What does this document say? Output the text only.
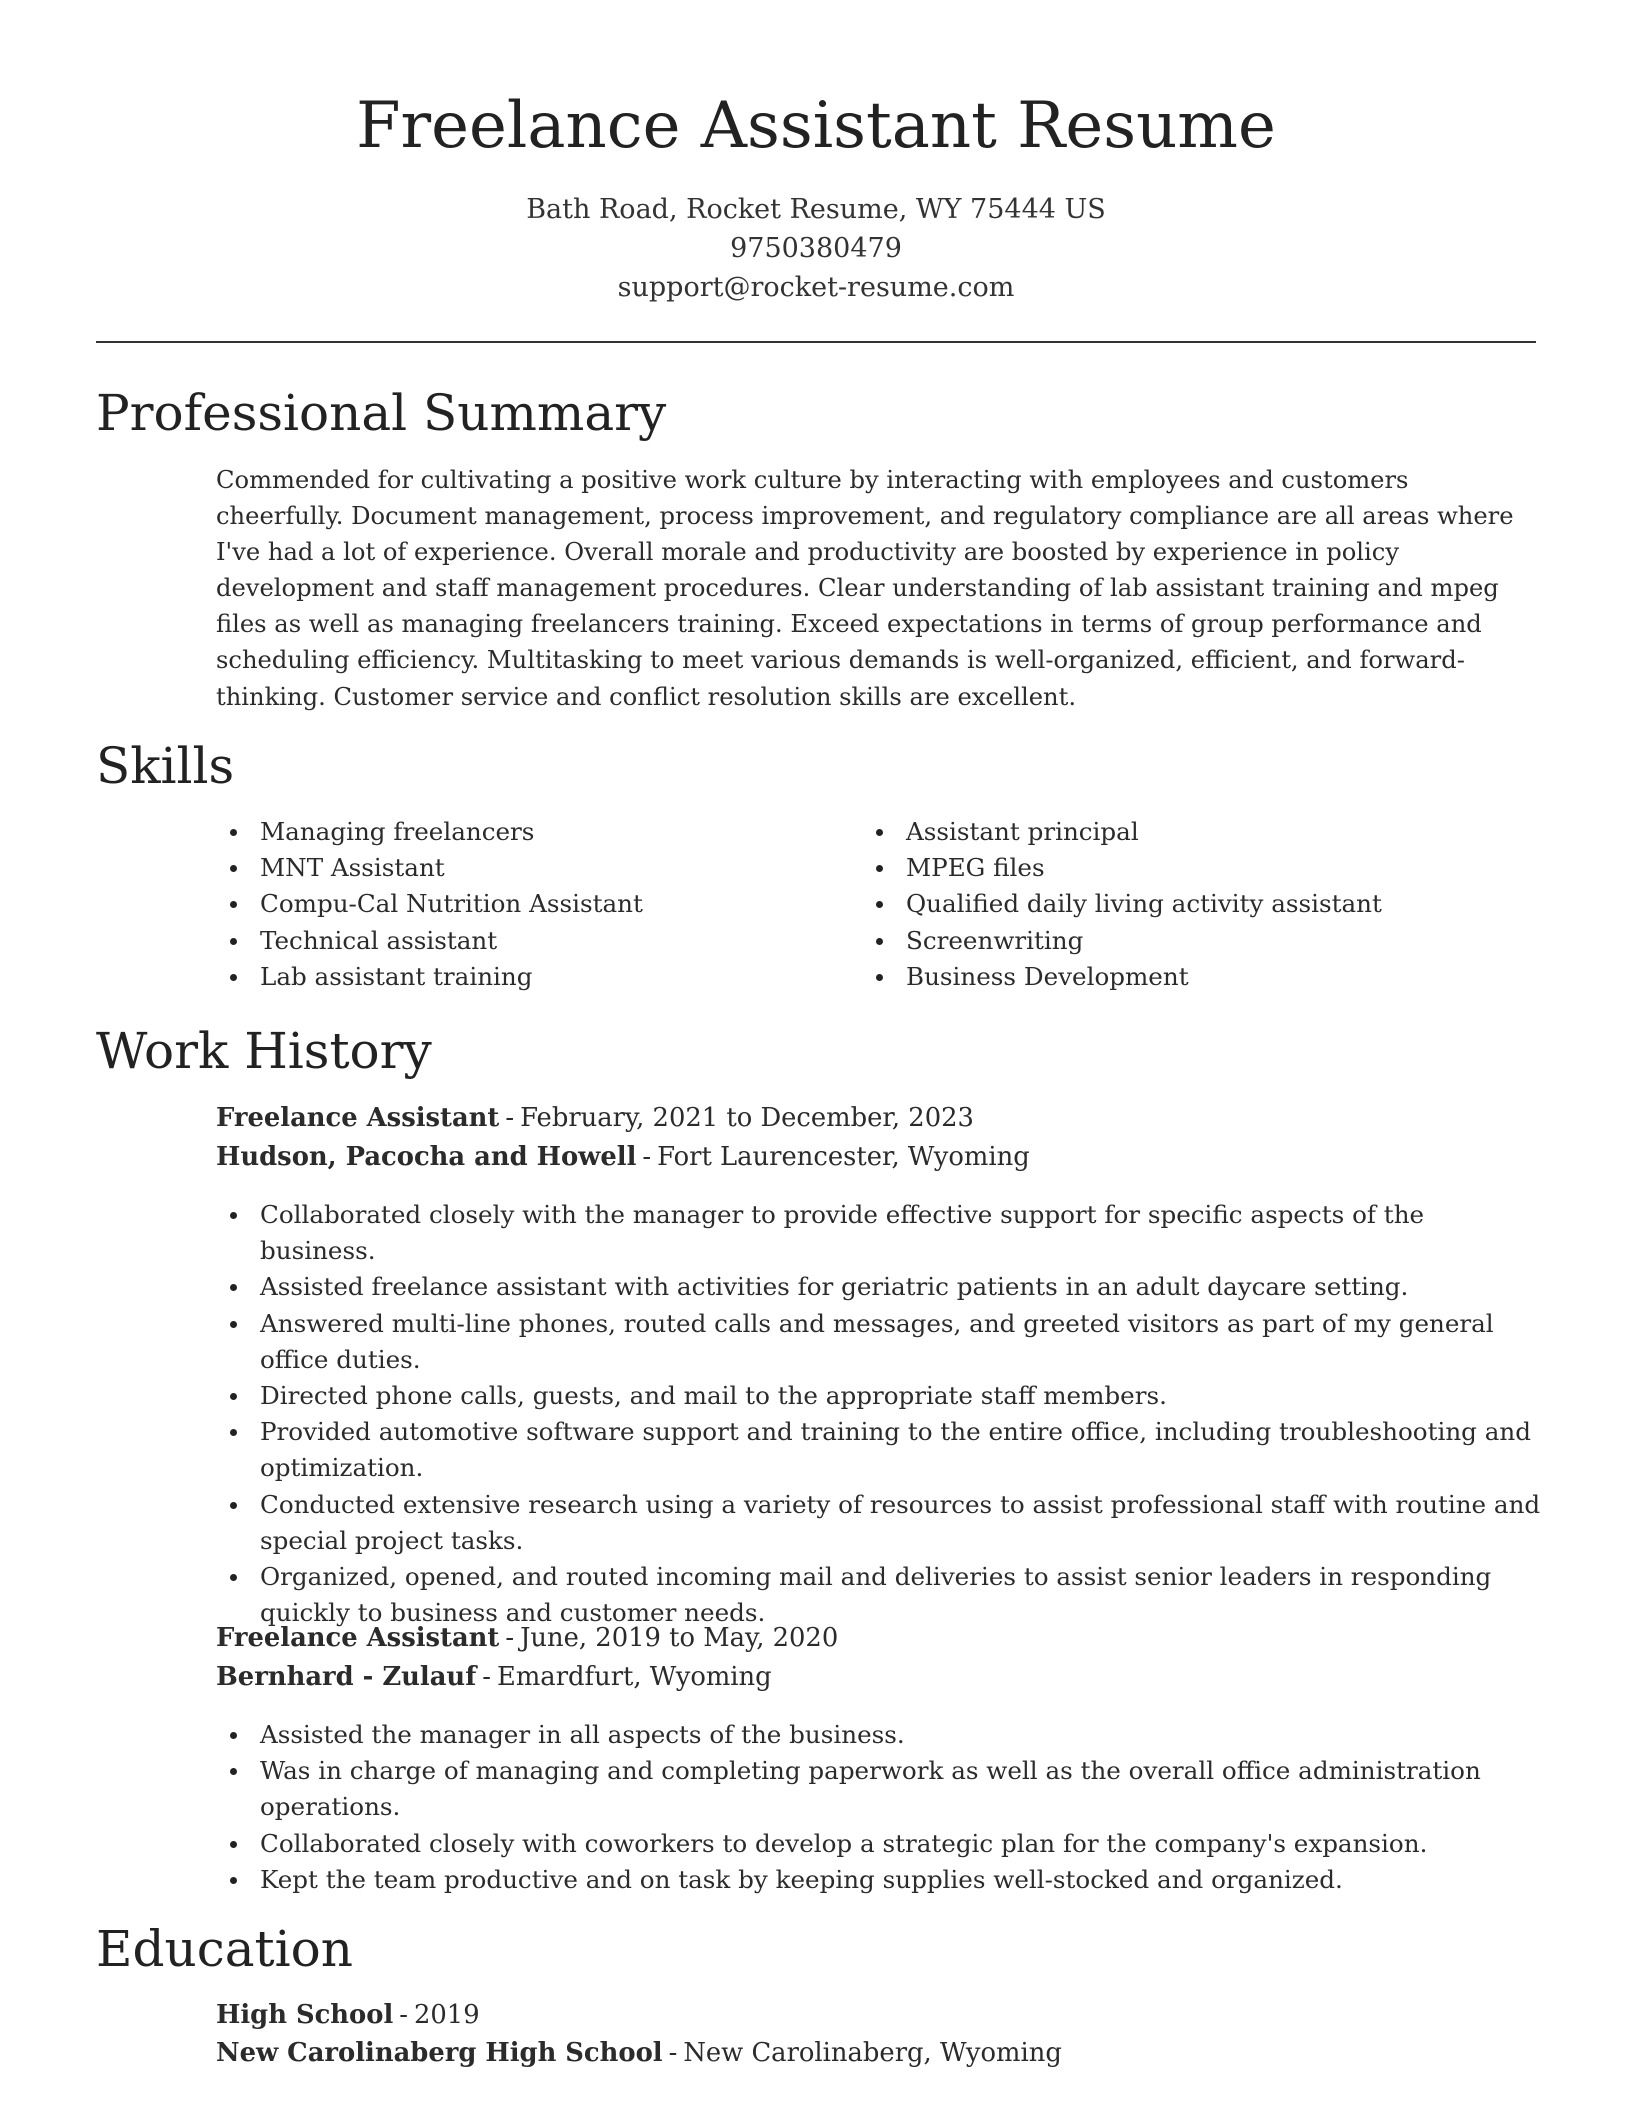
Freelance Assistant Resume
Bath Road, Rocket Resume, WY 75444 US
9750380479
support@rocket-resume.com
Professional Summary

Commended for cultivating a positive work culture by interacting with employees and customers cheerfully. Document management, process improvement, and regulatory compliance are all areas where I've had a lot of experience. Overall morale and productivity are boosted by experience in policy development and staff management procedures. Clear understanding of lab assistant training and mpeg files as well as managing freelancers training. Exceed expectations in terms of group performance and scheduling efficiency. Multitasking to meet various demands is well-organized, efficient, and forward-thinking. Customer service and conflict resolution skills are excellent.

Skills
Managing freelancers
MNT Assistant
Compu-Cal Nutrition Assistant
Technical assistant
Lab assistant training
Assistant principal
MPEG files
Qualified daily living activity assistant
Screenwriting
Business Development
Work History
Freelance Assistant - February, 2021 to December, 2023
Hudson, Pacocha and Howell - Fort Laurencester, Wyoming
Collaborated closely with the manager to provide effective support for specific aspects of the business.
Assisted freelance assistant with activities for geriatric patients in an adult daycare setting.
Answered multi-line phones, routed calls and messages, and greeted visitors as part of my general office duties.
Directed phone calls, guests, and mail to the appropriate staff members.
Provided automotive software support and training to the entire office, including troubleshooting and optimization.
Conducted extensive research using a variety of resources to assist professional staff with routine and special project tasks.
Organized, opened, and routed incoming mail and deliveries to assist senior leaders in responding quickly to business and customer needs.
Freelance Assistant - June, 2019 to May, 2020
Bernhard - Zulauf - Emardfurt, Wyoming
Assisted the manager in all aspects of the business.
Was in charge of managing and completing paperwork as well as the overall office administration operations.
Collaborated closely with coworkers to develop a strategic plan for the company's expansion.
Kept the team productive and on task by keeping supplies well-stocked and organized.
Education
High School - 2019
New Carolinaberg High School - New Carolinaberg, Wyoming
